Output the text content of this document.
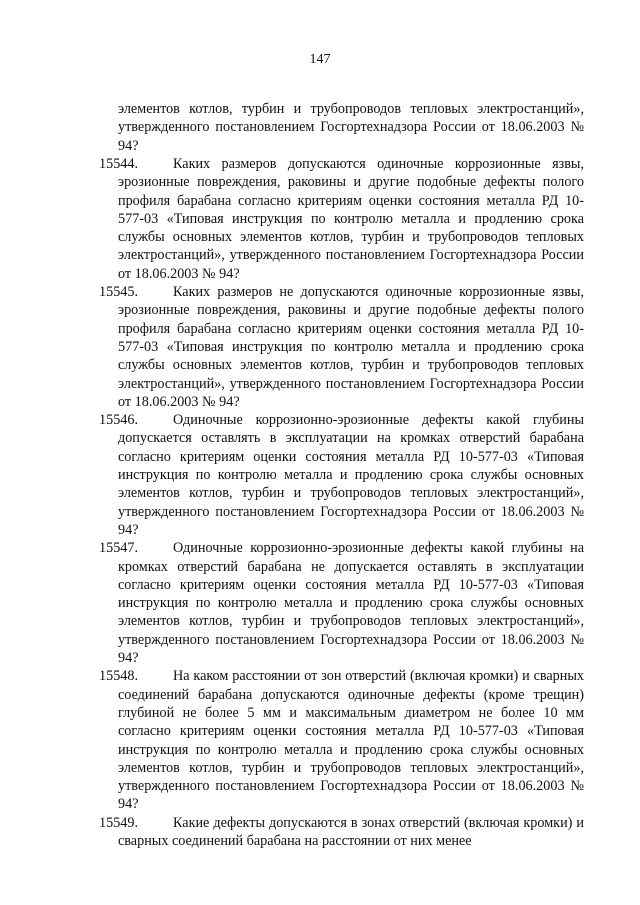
147

элементов котлов, турбин и трубопроводов тепловых электростанций», утвержденного постановлением Госгортехнадзора России от 18.06.2003 № 94?

15544.	Каких размеров допускаются одиночные коррозионные язвы, эрозионные повреждения, раковины и другие подобные дефекты полого профиля барабана согласно критериям оценки состояния металла РД 10-577-03 «Типовая инструкция по контролю металла и продлению срока службы основных элементов котлов, турбин и трубопроводов тепловых электростанций», утвержденного постановлением Госгортехнадзора России от 18.06.2003 № 94?

15545.	Каких размеров не допускаются одиночные коррозионные язвы, эрозионные повреждения, раковины и другие подобные дефекты полого профиля барабана согласно критериям оценки состояния металла РД 10-577-03 «Типовая инструкция по контролю металла и продлению срока службы основных элементов котлов, турбин и трубопроводов тепловых электростанций», утвержденного постановлением Госгортехнадзора России от 18.06.2003 № 94?

15546.	Одиночные коррозионно-эрозионные дефекты какой глубины допускается оставлять в эксплуатации на кромках отверстий барабана согласно критериям оценки состояния металла РД 10-577-03 «Типовая инструкция по контролю металла и продлению срока службы основных элементов котлов, турбин и трубопроводов тепловых электростанций», утвержденного постановлением Госгортехнадзора России от 18.06.2003 № 94?

15547.	Одиночные коррозионно-эрозионные дефекты какой глубины на кромках отверстий барабана не допускается оставлять в эксплуатации согласно критериям оценки состояния металла РД 10-577-03 «Типовая инструкция по контролю металла и продлению срока службы основных элементов котлов, турбин и трубопроводов тепловых электростанций», утвержденного постановлением Госгортехнадзора России от 18.06.2003 № 94?

15548.	На каком расстоянии от зон отверстий (включая кромки) и сварных соединений барабана допускаются одиночные дефекты (кроме трещин) глубиной не более 5 мм и максимальным диаметром не более 10 мм согласно критериям оценки состояния металла РД 10-577-03 «Типовая инструкция по контролю металла и продлению срока службы основных элементов котлов, турбин и трубопроводов тепловых электростанций», утвержденного постановлением Госгортехнадзора России от 18.06.2003 № 94?

15549.	Какие дефекты допускаются в зонах отверстий (включая кромки) и сварных соединений барабана на расстоянии от них менее
